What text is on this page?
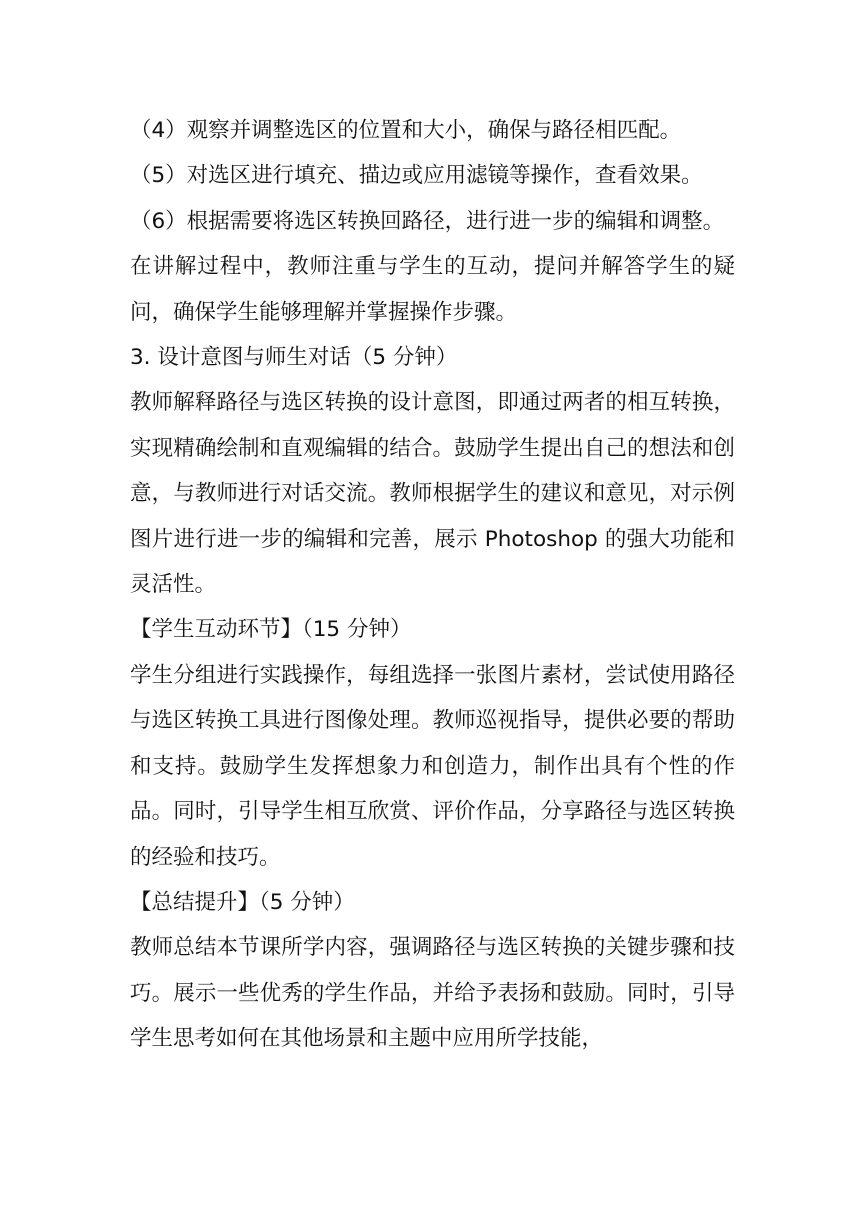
（4）观察并调整选区的位置和大小，确保与路径相匹配。

（5）对选区进行填充、描边或应用滤镜等操作，查看效果。

（6）根据需要将选区转换回路径，进行进一步的编辑和调整。

在讲解过程中，教师注重与学生的互动，提问并解答学生的疑问，确保学生能够理解并掌握操作步骤。

3. 设计意图与师生对话（5 分钟）

教师解释路径与选区转换的设计意图，即通过两者的相互转换，实现精确绘制和直观编辑的结合。鼓励学生提出自己的想法和创意，与教师进行对话交流。教师根据学生的建议和意见，对示例图片进行进一步的编辑和完善，展示 Photoshop 的强大功能和灵活性。

【学生互动环节】（15 分钟）

学生分组进行实践操作，每组选择一张图片素材，尝试使用路径与选区转换工具进行图像处理。教师巡视指导，提供必要的帮助和支持。鼓励学生发挥想象力和创造力，制作出具有个性的作品。同时，引导学生相互欣赏、评价作品，分享路径与选区转换的经验和技巧。

【总结提升】（5 分钟）

教师总结本节课所学内容，强调路径与选区转换的关键步骤和技巧。展示一些优秀的学生作品，并给予表扬和鼓励。同时，引导学生思考如何在其他场景和主题中应用所学技能，
